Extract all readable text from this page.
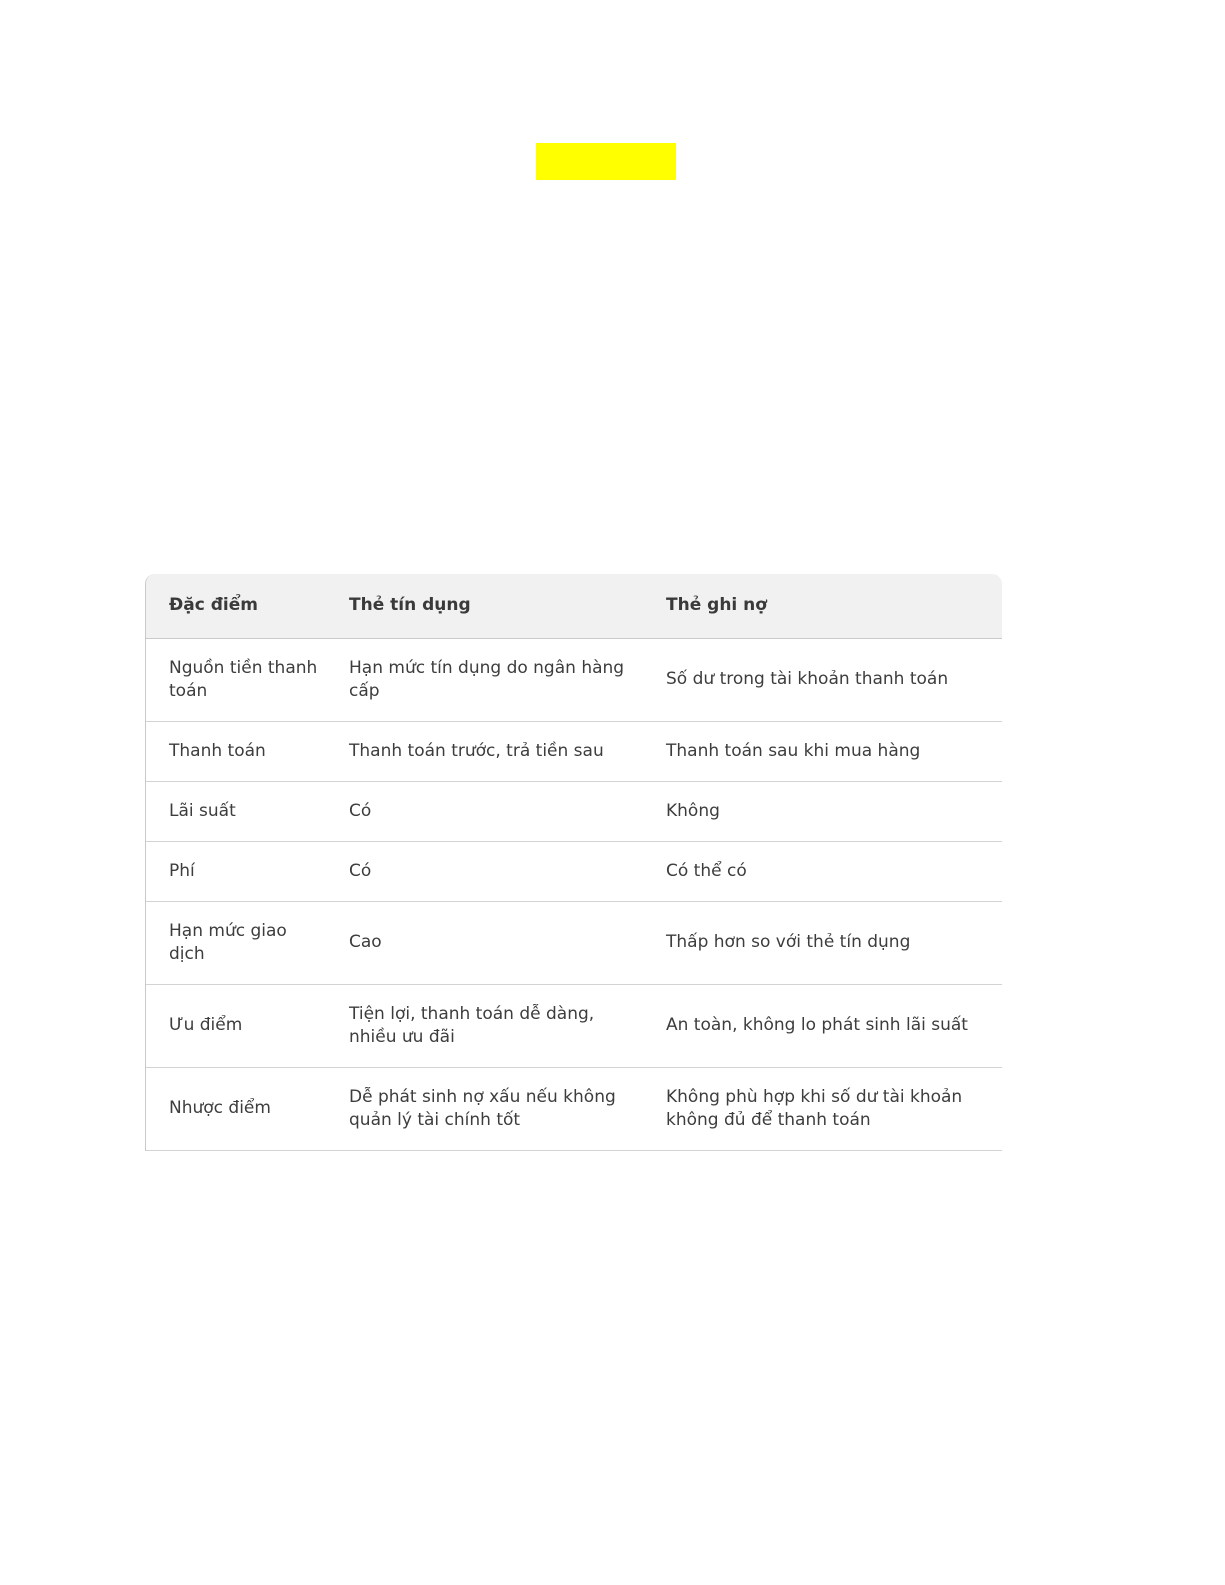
Đặc điểm	Thẻ tín dụng	Thẻ ghi nợ
Nguồn tiền thanh toán	Hạn mức tín dụng do ngân hàng cấp	Số dư trong tài khoản thanh toán
Thanh toán	Thanh toán trước, trả tiền sau	Thanh toán sau khi mua hàng
Lãi suất	Có	Không
Phí	Có	Có thể có
Hạn mức giao dịch	Cao	Thấp hơn so với thẻ tín dụng
Ưu điểm	Tiện lợi, thanh toán dễ dàng, nhiều ưu đãi	An toàn, không lo phát sinh lãi suất
Nhược điểm	Dễ phát sinh nợ xấu nếu không quản lý tài chính tốt	Không phù hợp khi số dư tài khoản không đủ để thanh toán
